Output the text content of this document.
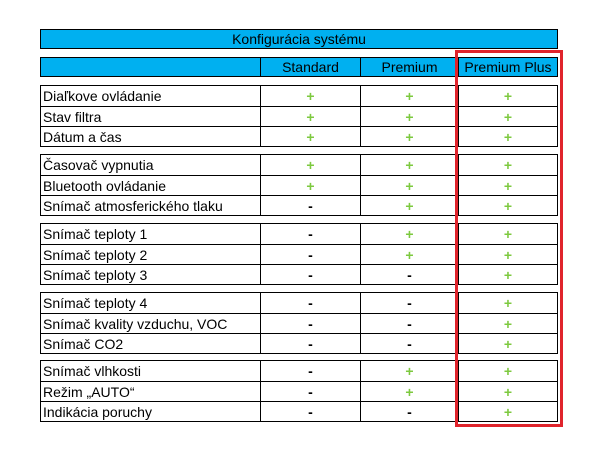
Konfigurácia systému
Standard	Premium	Premium Plus
Diaľkove ovládanie	+	+	+
Stav filtra	+	+	+
Dátum a čas	+	+	+
Časovač vypnutia	+	+	+
Bluetooth ovládanie	+	+	+
Snímač atmosferického tlaku	-	+	+
Snímač teploty 1	-	+	+
Snímač teploty 2	-	+	+
Snímač teploty 3	-	-	+
Snímač teploty 4	-	-	+
Snímač kvality vzduchu, VOC	-	-	+
Snímač CO2	-	-	+
Snímač vlhkosti	-	+	+
Režim „AUTO“	-	+	+
Indikácia poruchy	-	-	+
